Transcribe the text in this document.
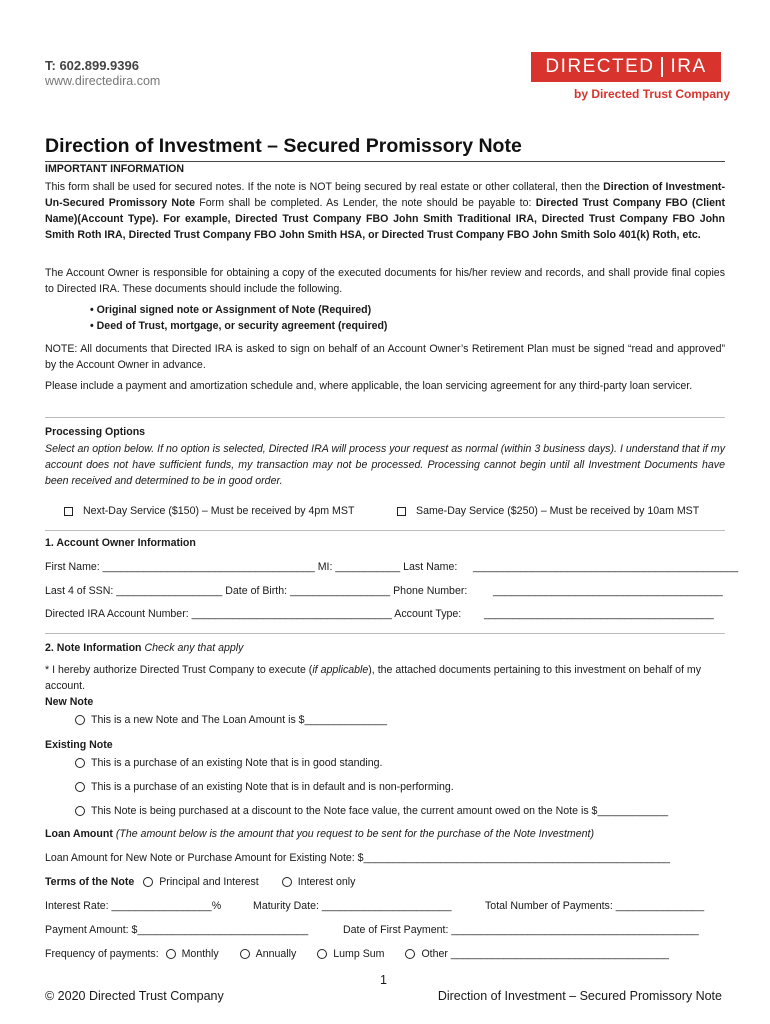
T: 602.899.9396
www.directedira.com
DIRECTED IRA
by Directed Trust Company
Direction of Investment – Secured Promissory Note
IMPORTANT INFORMATION
This form shall be used for secured notes. If the note is NOT being secured by real estate or other collateral, then the Direction of Investment- Un-Secured Promissory Note Form shall be completed. As Lender, the note should be payable to: Directed Trust Company FBO (Client Name)(Account Type). For example, Directed Trust Company FBO John Smith Traditional IRA, Directed Trust Company FBO John Smith Roth IRA, Directed Trust Company FBO John Smith HSA, or Directed Trust Company FBO John Smith Solo 401(k) Roth, etc.
The Account Owner is responsible for obtaining a copy of the executed documents for his/her review and records, and shall provide final copies to Directed IRA. These documents should include the following.
• Original signed note or Assignment of Note (Required)
• Deed of Trust, mortgage, or security agreement (required)
NOTE: All documents that Directed IRA is asked to sign on behalf of an Account Owner’s Retirement Plan must be signed “read and approved” by the Account Owner in advance.
Please include a payment and amortization schedule and, where applicable, the loan servicing agreement for any third-party loan servicer.
Processing Options
Select an option below. If no option is selected, Directed IRA will process your request as normal (within 3 business days). I understand that if my account does not have sufficient funds, my transaction may not be processed. Processing cannot begin until all Investment Documents have been received and determined to be in good order.
Next-Day Service ($150) – Must be received by 4pm MST	Same-Day Service ($250) – Must be received by 10am MST
1. Account Owner Information
First Name: ____________________________________ MI: ___________ Last Name: _____________________________________________
Last 4 of SSN: __________________ Date of Birth: _________________ Phone Number: _______________________________________
Directed IRA Account Number: __________________________________ Account Type: _______________________________________
2. Note Information Check any that apply
* I hereby authorize Directed Trust Company to execute (if applicable), the attached documents pertaining to this investment on behalf of my account.
New Note
This is a new Note and The Loan Amount is $______________
Existing Note
This is a purchase of an existing Note that is in good standing.
This is a purchase of an existing Note that is in default and is non-performing.
This Note is being purchased at a discount to the Note face value, the current amount owed on the Note is $____________
Loan Amount (The amount below is the amount that you request to be sent for the purchase of the Note Investment)
Loan Amount for New Note or Purchase Amount for Existing Note: $____________________________________________________
Terms of the Note Principal and Interest	Interest only
Interest Rate: _________________%	Maturity Date: ______________________	Total Number of Payments: _______________
Payment Amount: $_____________________________	Date of First Payment: __________________________________________
Frequency of payments: Monthly	Annually	Lump Sum	Other _____________________________________
1
© 2020 Directed Trust Company	Direction of Investment – Secured Promissory Note
